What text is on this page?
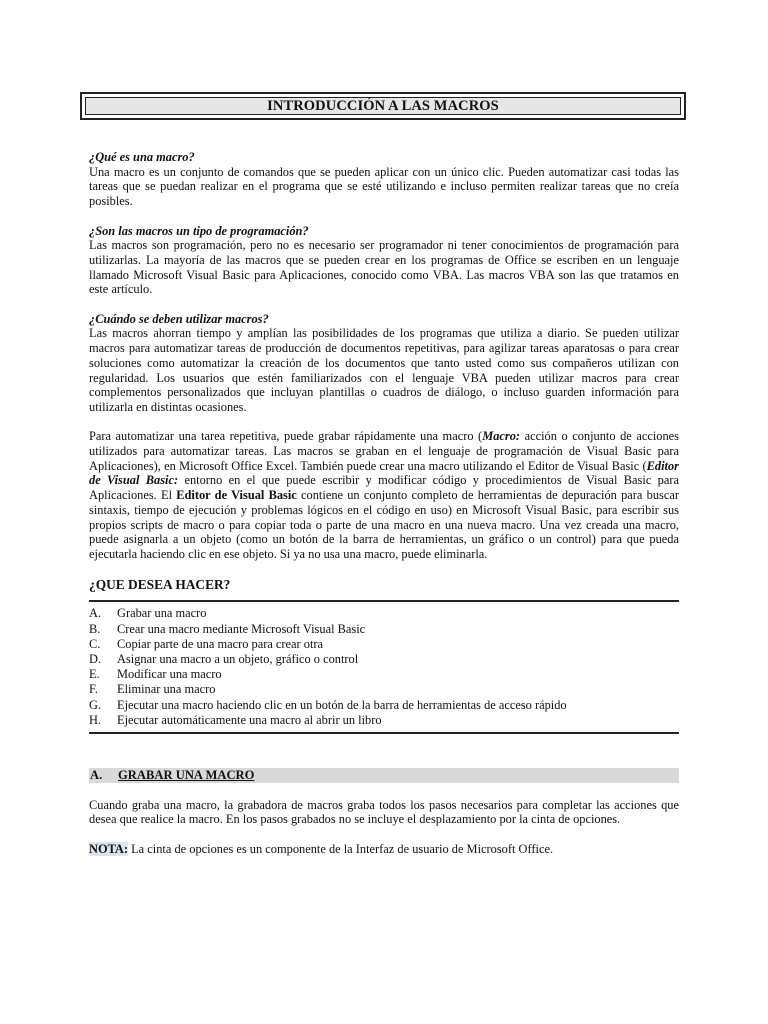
INTRODUCCIÓN A LAS MACROS
¿Qué es una macro?

Una macro es un conjunto de comandos que se pueden aplicar con un único clic. Pueden automatizar casi todas las tareas que se puedan realizar en el programa que se esté utilizando e incluso permiten realizar tareas que no creía posibles.

¿Son las macros un tipo de programación?

Las macros son programación, pero no es necesario ser programador ni tener conocimientos de programación para utilizarlas. La mayoría de las macros que se pueden crear en los programas de Office se escriben en un lenguaje llamado Microsoft Visual Basic para Aplicaciones, conocido como VBA. Las macros VBA son las que tratamos en este artículo.

¿Cuándo se deben utilizar macros?

Las macros ahorran tiempo y amplían las posibilidades de los programas que utiliza a diario. Se pueden utilizar macros para automatizar tareas de producción de documentos repetitivas, para agilizar tareas aparatosas o para crear soluciones como automatizar la creación de los documentos que tanto usted como sus compañeros utilizan con regularidad. Los usuarios que estén familiarizados con el lenguaje VBA pueden utilizar macros para crear complementos personalizados que incluyan plantillas o cuadros de diálogo, o incluso guarden información para utilizarla en distintas ocasiones.

Para automatizar una tarea repetitiva, puede grabar rápidamente una macro (Macro: acción o conjunto de acciones utilizados para automatizar tareas. Las macros se graban en el lenguaje de programación de Visual Basic para Aplicaciones), en Microsoft Office Excel. También puede crear una macro utilizando el Editor de Visual Basic (Editor de Visual Basic: entorno en el que puede escribir y modificar código y procedimientos de Visual Basic para Aplicaciones. El Editor de Visual Basic contiene un conjunto completo de herramientas de depuración para buscar sintaxis, tiempo de ejecución y problemas lógicos en el código en uso) en Microsoft Visual Basic, para escribir sus propios scripts de macro o para copiar toda o parte de una macro en una nueva macro. Una vez creada una macro, puede asignarla a un objeto (como un botón de la barra de herramientas, un gráfico o un control) para que pueda ejecutarla haciendo clic en ese objeto. Si ya no usa una macro, puede eliminarla.

¿QUE DESEA HACER?
A.	Grabar una macro
B.	Crear una macro mediante Microsoft Visual Basic
C.	Copiar parte de una macro para crear otra
D.	Asignar una macro a un objeto, gráfico o control
E.	Modificar una macro
F.	Eliminar una macro
G.	Ejecutar una macro haciendo clic en un botón de la barra de herramientas de acceso rápido
H.	Ejecutar automáticamente una macro al abrir un libro
A.	GRABAR UNA MACRO

Cuando graba una macro, la grabadora de macros graba todos los pasos necesarios para completar las acciones que desea que realice la macro. En los pasos grabados no se incluye el desplazamiento por la cinta de opciones.

NOTA: La cinta de opciones es un componente de la Interfaz de usuario de Microsoft Office.
